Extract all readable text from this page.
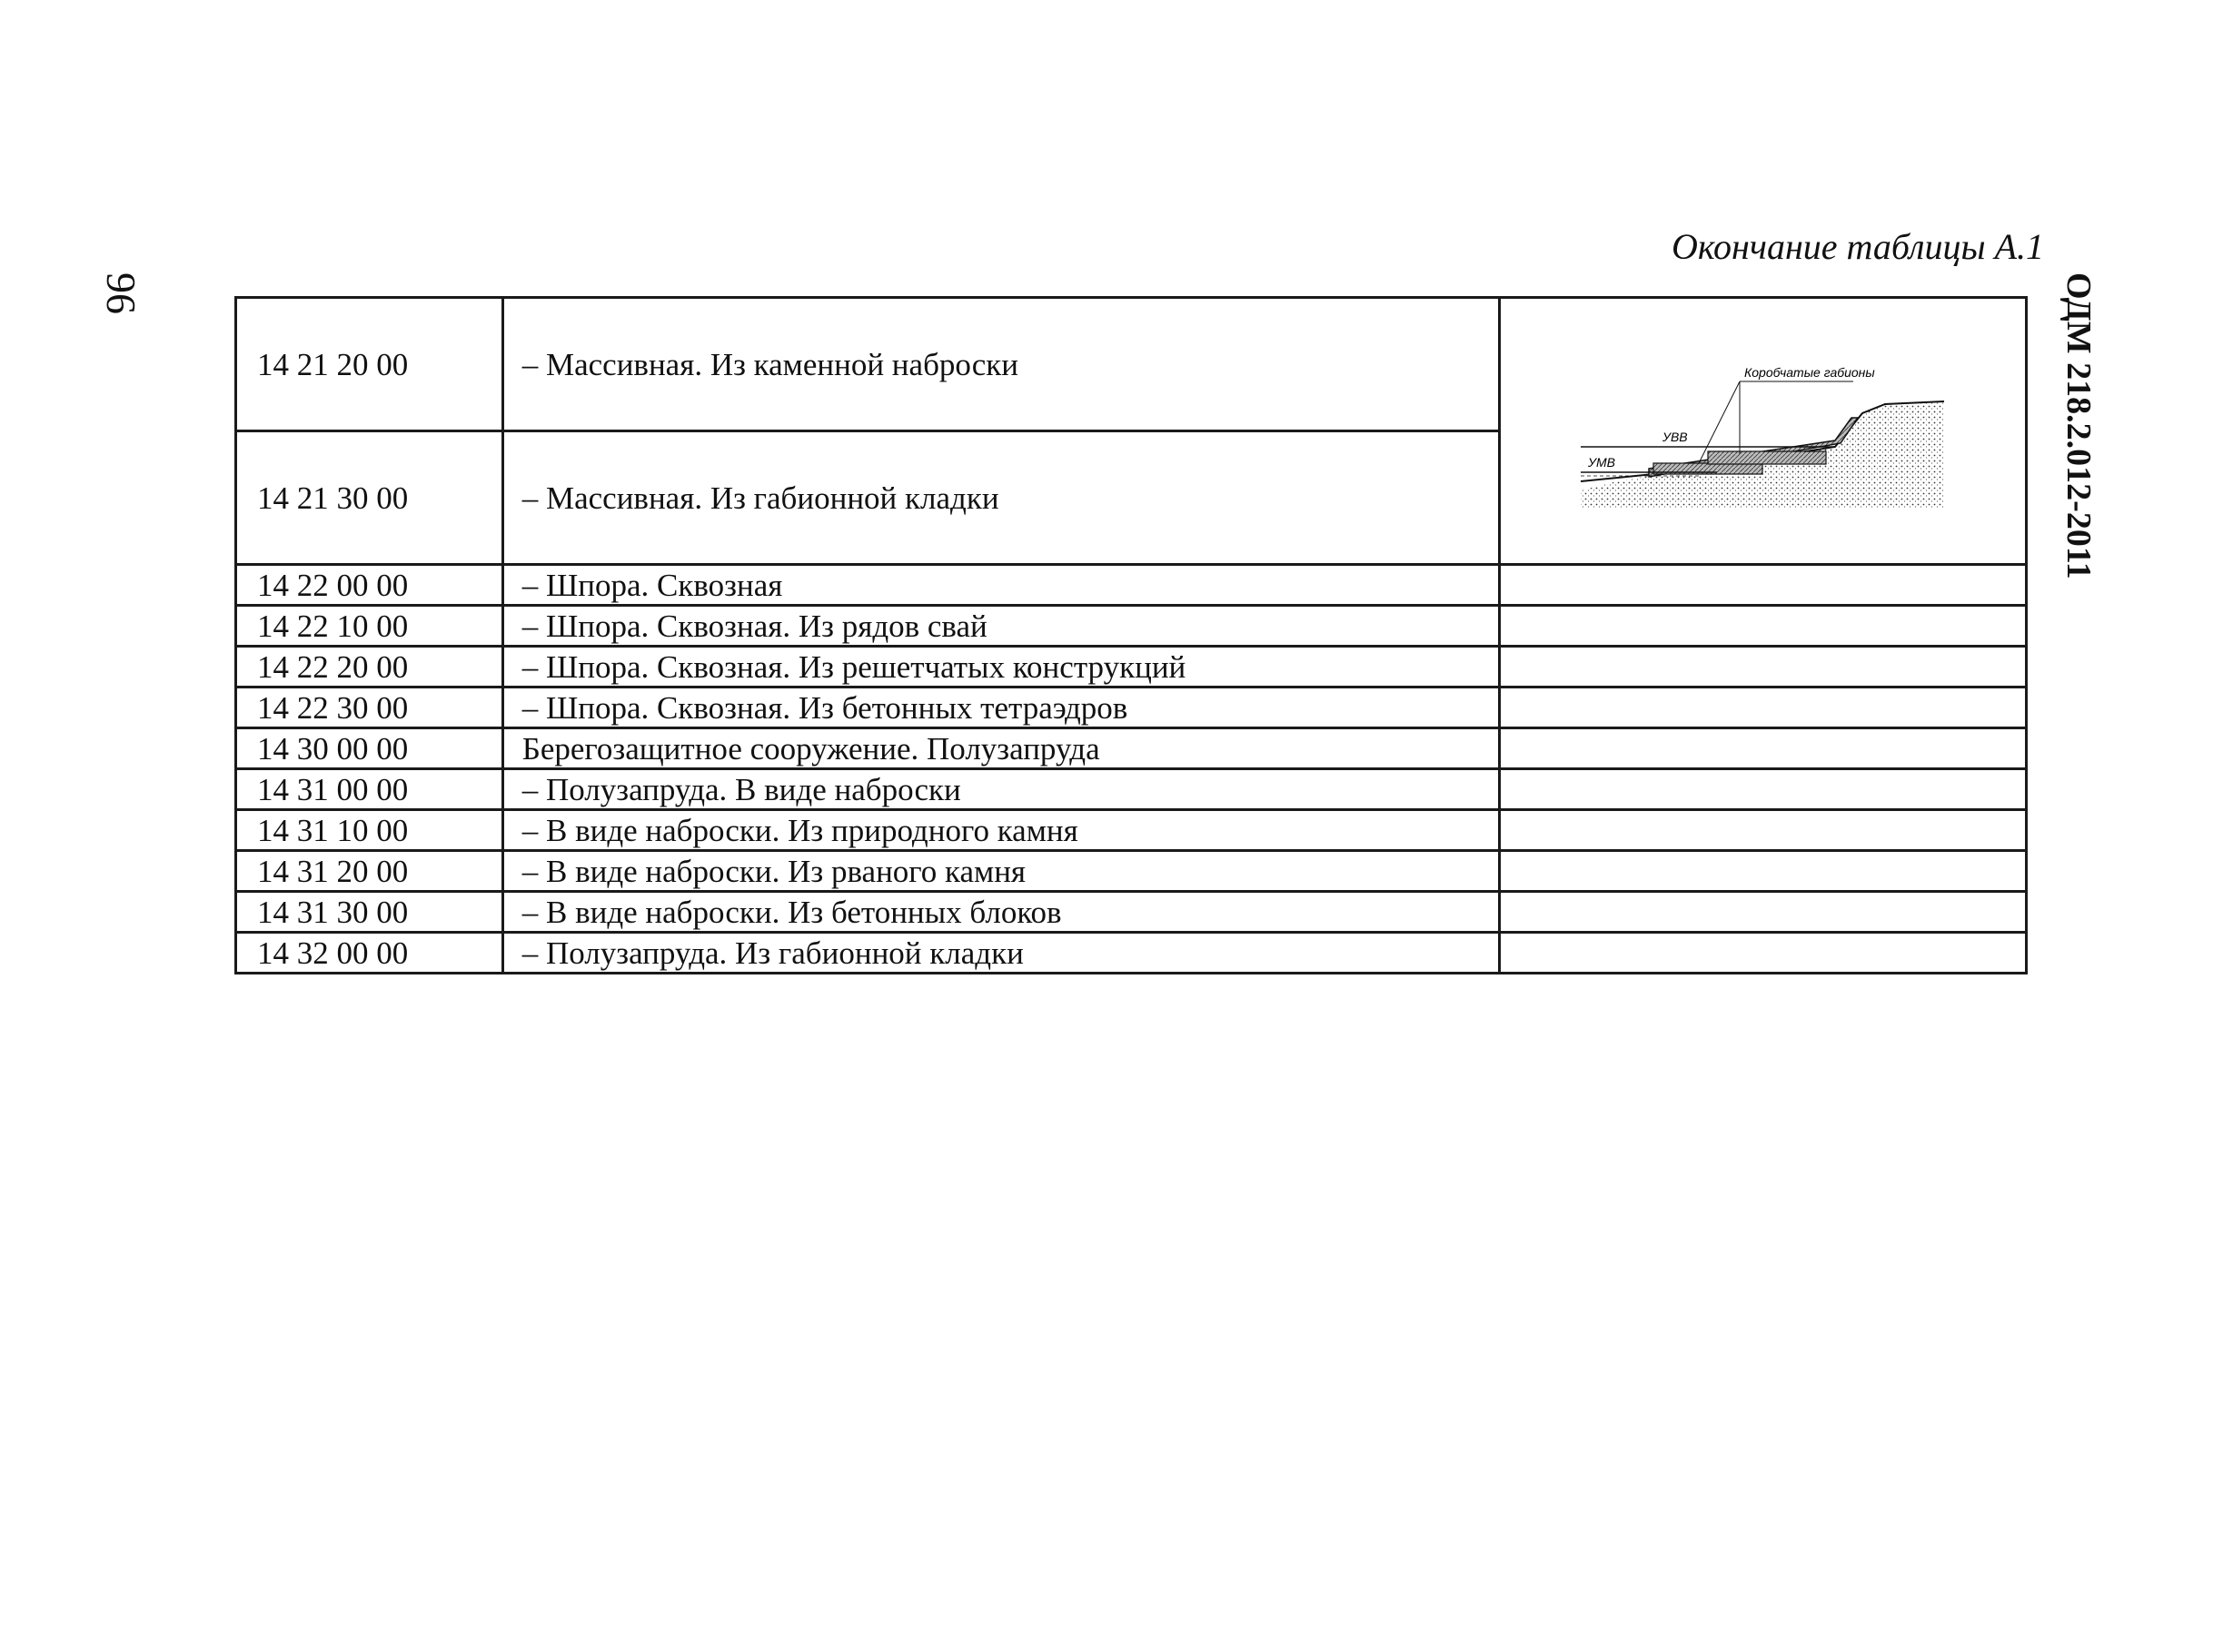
Окончание таблицы А.1
96	ОДМ 218.2.012-2011
14 21 20 00	– Массивная. Из каменной наброски	Коробчатые габионы
УВВ
УМВ

14 21 30 00	– Массивная. Из габионной кладки	
14 22 00 00	– Шпора. Сквозная	
14 22 10 00	– Шпора. Сквозная. Из рядов свай	
14 22 20 00	– Шпора. Сквозная. Из решетчатых конструкций	
14 22 30 00	– Шпора. Сквозная. Из бетонных тетраэдров	
14 30 00 00	Берегозащитное сооружение. Полузапруда	
14 31 00 00	– Полузапруда. В виде наброски	
14 31 10 00	– В виде наброски. Из природного камня	
14 31 20 00	– В виде наброски. Из рваного камня	
14 31 30 00	– В виде наброски. Из бетонных блоков	
14 32 00 00	– Полузапруда. Из габионной кладки	
